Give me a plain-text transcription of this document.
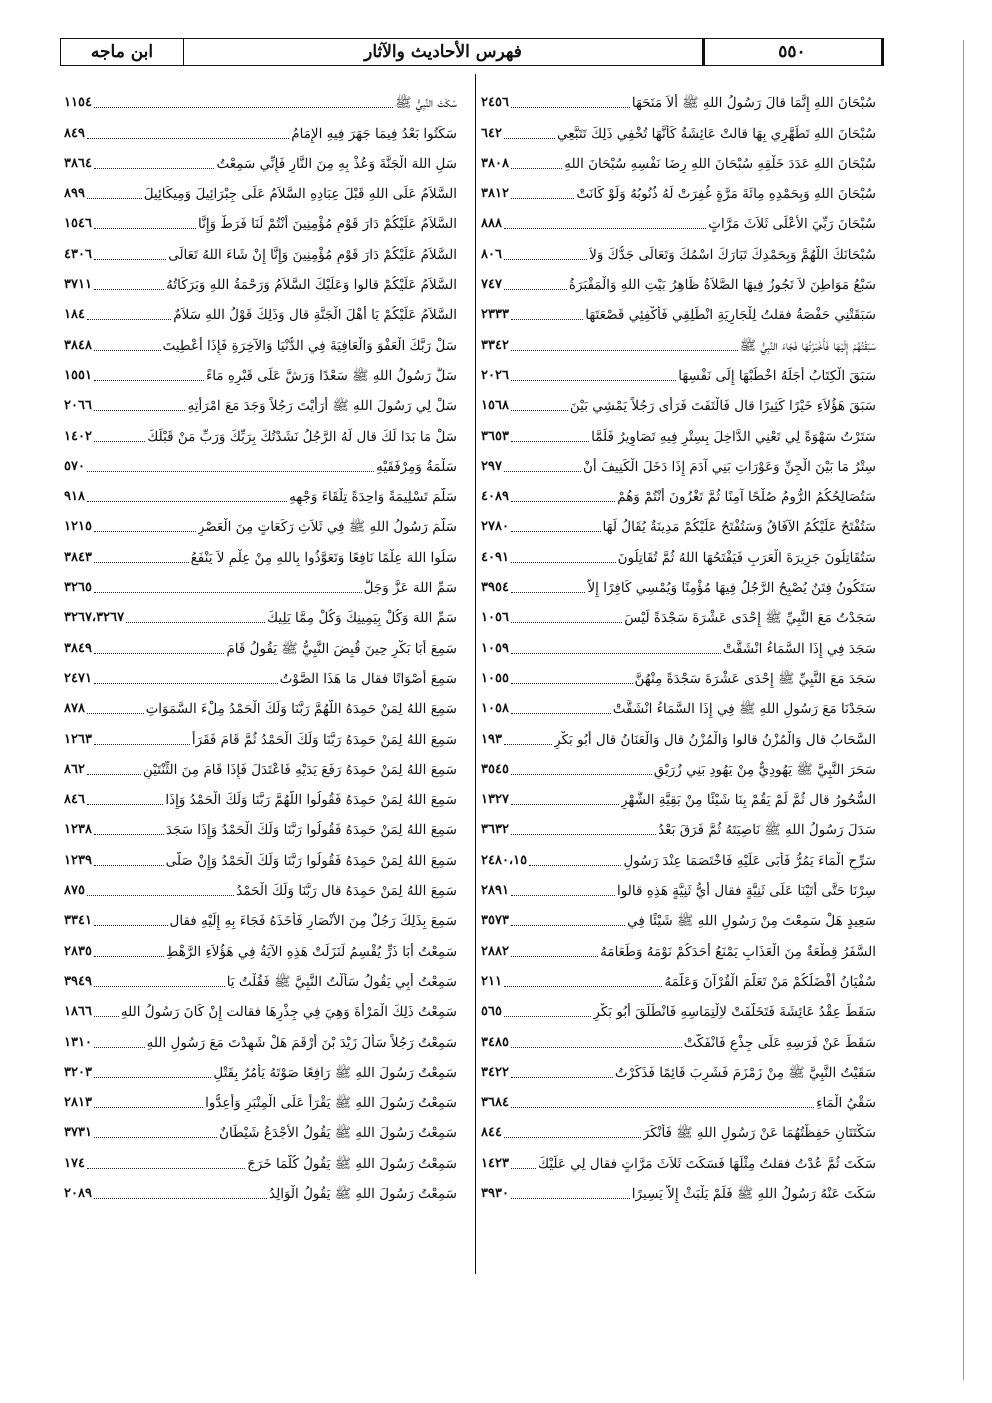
ابن ماجه	فهرس الأحاديث والآثار	٥٥٠
سُبْحَانَ اللهِ إِنَّمَا قالَ رَسُولُ اللهِ ﷺ أَلاَ مَنَحَهَا
٢٤٥٦
سُبْحَانَ اللهِ تَطَهَّرِي بِهَا قالتْ عَائِشَةُ كَأَنَّهَا تُخْفِي ذَلِكَ تَتَبَّعِي
٦٤٢
سُبْحَانَ اللهِ عَدَدَ خَلْقِهِ سُبْحَانَ اللهِ رِضَا نَفْسِهِ سُبْحَانَ اللهِ
٣٨٠٨
سُبْحَانَ اللهِ وَبِحَمْدِهِ مِائَةَ مَرَّةٍ غُفِرَتْ لَهُ ذُنُوبُهُ وَلَوْ كَانَتْ
٣٨١٢
سُبْحَانَ رَبِّيَ الأَعْلَى ثَلاَثَ مَرَّاتٍ
٨٨٨
سُبْحَانَكَ اللَّهُمَّ وَبِحَمْدِكَ تَبَارَكَ اسْمُكَ وَتَعَالَى جَدُّكَ وَلاَ
٨٠٦
سَبْعُ مَوَاطِنَ لاَ تَجُوزُ فِيهَا الصَّلاَةُ ظَاهِرُ بَيْتِ اللهِ وَالْمَقْبَرَةُ
٧٤٧
سَبَقَتْنِي حَفْصَةُ فقلتُ لِلْجَارِيَةِ انْطَلِقِي فَأَكْفِئِي قَصْعَتَهَا
٢٣٣٣
سَبَقْتُهُمْ إِلَيْهَا فَأَخْبَرْتُهَا فَجَاءَ النَّبِيُّ ﷺ
٣٣٤٢
سَبَقَ الْكِتَابُ أَجَلَهُ اخْطُبْهَا إِلَى نَفْسِهَا
٢٠٢٦
سَبَقَ هَؤُلاَءِ خَيْرًا كَثِيرًا قال فَالْتَفَتَ فَرَأَى رَجُلاً يَمْشِي بَيْنَ
١٥٦٨
سَتَرْتُ سَهْوَةً لِي تَعْنِي الدَّاخِلَ بِسِتْرٍ فِيهِ تَصَاوِيرُ فَلَمَّا
٣٦٥٣
سِتْرُ مَا بَيْنَ الْجِنِّ وَعَوْرَاتِ بَنِي آدَمَ إِذَا دَخَلَ الْكَنِيفَ أَنْ
٢٩٧
سَتُصَالِحُكُمُ الرُّومُ صُلْحًا آمِنًا ثُمَّ تَغْزُونَ أَنْتُمْ وَهُمْ
٤٠٨٩
سَتُفْتَحُ عَلَيْكُمُ الآفَاقُ وَسَتُفْتَحُ عَلَيْكُمْ مَدِينَةٌ يُقَالُ لَهَا
٢٧٨٠
سَتُقَاتِلُونَ جَزِيرَةَ الْعَرَبِ فَيَفْتَحُهَا اللهُ ثُمَّ تُقَاتِلُونَ
٤٠٩١
سَتَكُونُ فِتَنٌ يُصْبِحُ الرَّجُلُ فِيهَا مُؤْمِنًا وَيُمْسِي كَافِرًا إِلاَّ
٣٩٥٤
سَجَدْتُ مَعَ النَّبِيِّ ﷺ إِحْدَى عَشْرَةَ سَجْدَةً لَيْسَ
١٠٥٦
سَجَدَ فِي إِذَا السَّمَاءُ انْشَقَّتْ
١٠٥٩
سَجَدَ مَعَ النَّبِيِّ ﷺ إِحْدَى عَشْرَةَ سَجْدَةً مِنْهُنَّ
١٠٥٥
سَجَدْنَا مَعَ رَسُولِ اللهِ ﷺ فِي إِذَا السَّمَاءُ انْشَقَّتْ
١٠٥٨
السَّحَابُ قال وَالْمُزْنُ قالوا وَالْمُزْنُ قال وَالْعَنَانُ قال أَبُو بَكْرٍ
١٩٣
سَحَرَ النَّبِيَّ ﷺ يَهُودِيٌّ مِنْ يَهُودِ بَنِي زُرَيْقٍ
٣٥٤٥
السُّحُورُ قال ثُمَّ لَمْ يَقُمْ بِنَا شَيْئًا مِنْ بَقِيَّةِ الشَّهْرِ
١٣٢٧
سَدَلَ رَسُولُ اللهِ ﷺ نَاصِيَتَهُ ثُمَّ فَرَقَ بَعْدُ
٣٦٣٢
سَرِّحِ الْمَاءَ يَمُرُّ فَأَبَى عَلَيْهِ فَاخْتَصَمَا عِنْدَ رَسُولِ
٢٤٨٠،١٥
سِرْنَا حَتَّى أَتَيْنَا عَلَى ثَنِيَّةٍ فقال أَيُّ ثَنِيَّةٍ هَذِهِ قالوا
٢٨٩١
سَعِيدٍ هَلْ سَمِعْتَ مِنْ رَسُولِ اللهِ ﷺ شَيْئًا فِي
٣٥٧٣
السَّفَرُ قِطْعَةٌ مِنَ الْعَذَابِ يَمْنَعُ أَحَدَكُمْ نَوْمَهُ وَطَعَامَهُ
٢٨٨٢
سُفْيَانُ أَفْضَلُكُمْ مَنْ تَعَلَّمَ الْقُرْآنَ وَعَلَّمَهُ
٢١١
سَقَطَ عِقْدُ عَائِشَةَ فَتَخَلَّفَتْ لاِلْتِمَاسِهِ فَانْطَلَقَ أَبُو بَكْرٍ
٥٦٥
سَقَطَ عَنْ فَرَسِهِ عَلَى جِذْعٍ فَانْفَكَّتْ
٣٤٨٥
سَقَيْتُ النَّبِيَّ ﷺ مِنْ زَمْزَمَ فَشَرِبَ قَائِمًا فَذَكَرْتُ
٣٤٢٢
سَقْيُ الْمَاءِ
٣٦٨٤
سَكْتَتَانِ حَفِظْتُهُمَا عَنْ رَسُولِ اللهِ ﷺ فَأَنْكَرَ
٨٤٤
سَكَتَ ثُمَّ عُدْتُ فقلتُ مِثْلَهَا فَسَكَتَ ثَلاَثَ مَرَّاتٍ فقال لِي عَلَيْكَ
١٤٢٣
سَكَتَ عَنْهُ رَسُولُ اللهِ ﷺ فَلَمْ يَلْبَثْ إِلاَّ يَسِيرًا
٣٩٣٠
سَكَتَ النَّبِيُّ ﷺ
١١٥٤
سَكَتُوا بَعْدُ فِيمَا جَهَرَ فِيهِ الإِمَامُ
٨٤٩
سَلِ اللهَ الْجَنَّةَ وَعُذْ بِهِ مِنَ النَّارِ فَإِنِّي سَمِعْتُ
٣٨٦٤
السَّلاَمُ عَلَى اللهِ قَبْلَ عِبَادِهِ السَّلاَمُ عَلَى جِبْرَائِيلَ وَمِيكَائِيلَ
٨٩٩
السَّلاَمُ عَلَيْكُمْ دَارَ قَوْمٍ مُؤْمِنِينَ أَنْتُمْ لَنَا فَرَطٌ وَإِنَّا
١٥٤٦
السَّلاَمُ عَلَيْكُمْ دَارَ قَوْمٍ مُؤْمِنِينَ وَإِنَّا إِنْ شَاءَ اللهُ تَعَالَى
٤٣٠٦
السَّلاَمُ عَلَيْكُمْ قالوا وَعَلَيْكَ السَّلاَمُ وَرَحْمَةُ اللهِ وَبَرَكَاتُهُ
٣٧١١
السَّلاَمُ عَلَيْكُمْ يَا أَهْلَ الْجَنَّةِ قال وَذَلِكَ قَوْلُ اللهِ سَلاَمٌ
١٨٤
سَلْ رَبَّكَ الْعَفْوَ وَالْعَافِيَةَ فِي الدُّنْيَا وَالآخِرَةِ فَإِذَا أُعْطِيتَ
٣٨٤٨
سَلَّ رَسُولُ اللهِ ﷺ سَعْدًا وَرَشَّ عَلَى قَبْرِهِ مَاءً
١٥٥١
سَلْ لِي رَسُولَ اللهِ ﷺ أَرَأَيْتَ رَجُلاً وَجَدَ مَعَ امْرَأَتِهِ
٢٠٦٦
سَلْ مَا بَدَا لَكَ قال لَهُ الرَّجُلُ نَشَدْتُكَ بِرَبِّكَ وَرَبِّ مَنْ قَبْلَكَ
١٤٠٢
سَلْمَةُ وَمِرْفَقَيْهِ
٥٧٠
سَلَّمَ تَسْلِيمَةً وَاحِدَةً تِلْقَاءَ وَجْهِهِ
٩١٨
سَلَّمَ رَسُولُ اللهِ ﷺ فِي ثَلاَثِ رَكَعَاتٍ مِنَ الْعَصْرِ
١٢١٥
سَلُوا اللهَ عِلْمًا نَافِعًا وَتَعَوَّذُوا بِاللهِ مِنْ عِلْمٍ لاَ يَنْفَعُ
٣٨٤٣
سَمِّ اللهَ عَزَّ وَجَلَّ
٣٢٦٥
سَمِّ اللهَ وَكُلْ بِيَمِينِكَ وَكُلْ مِمَّا يَلِيكَ
٣٢٦٧،٣٢٦٧
سَمِعَ أَبَا بَكْرٍ حِينَ قُبِضَ النَّبِيُّ ﷺ يَقُولُ قَامَ
٣٨٤٩
سَمِعَ أَصْوَاتًا فقال مَا هَذَا الصَّوْتُ
٢٤٧١
سَمِعَ اللهُ لِمَنْ حَمِدَهُ اللَّهُمَّ رَبَّنَا وَلَكَ الْحَمْدُ مِلْءَ السَّمَوَاتِ
٨٧٨
سَمِعَ اللهُ لِمَنْ حَمِدَهُ رَبَّنَا وَلَكَ الْحَمْدُ ثُمَّ قَامَ فَقَرَأَ
١٢٦٣
سَمِعَ اللهُ لِمَنْ حَمِدَهُ رَفَعَ يَدَيْهِ فَاعْتَدَلَ فَإِذَا قَامَ مِنَ الثِّنْتَيْنِ
٨٦٢
سَمِعَ اللهُ لِمَنْ حَمِدَهُ فَقُولُوا اللَّهُمَّ رَبَّنَا وَلَكَ الْحَمْدُ وَإِذَا
٨٤٦
سَمِعَ اللهُ لِمَنْ حَمِدَهُ فَقُولُوا رَبَّنَا وَلَكَ الْحَمْدُ وَإِذَا سَجَدَ
١٢٣٨
سَمِعَ اللهُ لِمَنْ حَمِدَهُ فَقُولُوا رَبَّنَا وَلَكَ الْحَمْدُ وَإِنْ صَلَّى
١٢٣٩
سَمِعَ اللهُ لِمَنْ حَمِدَهُ قال رَبَّنَا وَلَكَ الْحَمْدُ
٨٧٥
سَمِعَ بِذَلِكَ رَجُلٌ مِنَ الأَنْصَارِ فَأَخَذَهُ فَجَاءَ بِهِ إِلَيْهِ فقال
٣٣٤١
سَمِعْتُ أَبَا ذَرٍّ يُقْسِمُ لَنَزَلَتْ هَذِهِ الآيَةُ فِي هَؤُلاَءِ الرَّهْطِ
٢٨٣٥
سَمِعْتُ أَبِي يَقُولُ سَأَلْتُ النَّبِيَّ ﷺ فَقُلْتُ يَا
٣٩٤٩
سَمِعْتُ ذَلِكَ الْمَرْأَةَ وَهِيَ فِي جِذْرِهَا فقالت إِنْ كَانَ رَسُولُ اللهِ
١٨٦٦
سَمِعْتُ رَجُلاً سَأَلَ زَيْدَ بْنَ أَرْقَمَ هَلْ شَهِدْتَ مَعَ رَسُولِ اللهِ
١٣١٠
سَمِعْتُ رَسُولَ اللهِ ﷺ رَافِعًا صَوْتَهُ يَأْمُرُ بِقَتْلِ
٣٢٠٣
سَمِعْتُ رَسُولَ اللهِ ﷺ يَقْرَأُ عَلَى الْمِنْبَرِ وَأَعِدُّوا
٢٨١٣
سَمِعْتُ رَسُولَ اللهِ ﷺ يَقُولُ الأَجْدَعُ شَيْطَانٌ
٣٧٣١
سَمِعْتُ رَسُولَ اللهِ ﷺ يَقُولُ كُلَّمَا خَرَجَ
١٧٤
سَمِعْتُ رَسُولَ اللهِ ﷺ يَقُولُ الْوَالِدُ
٢٠٨٩
